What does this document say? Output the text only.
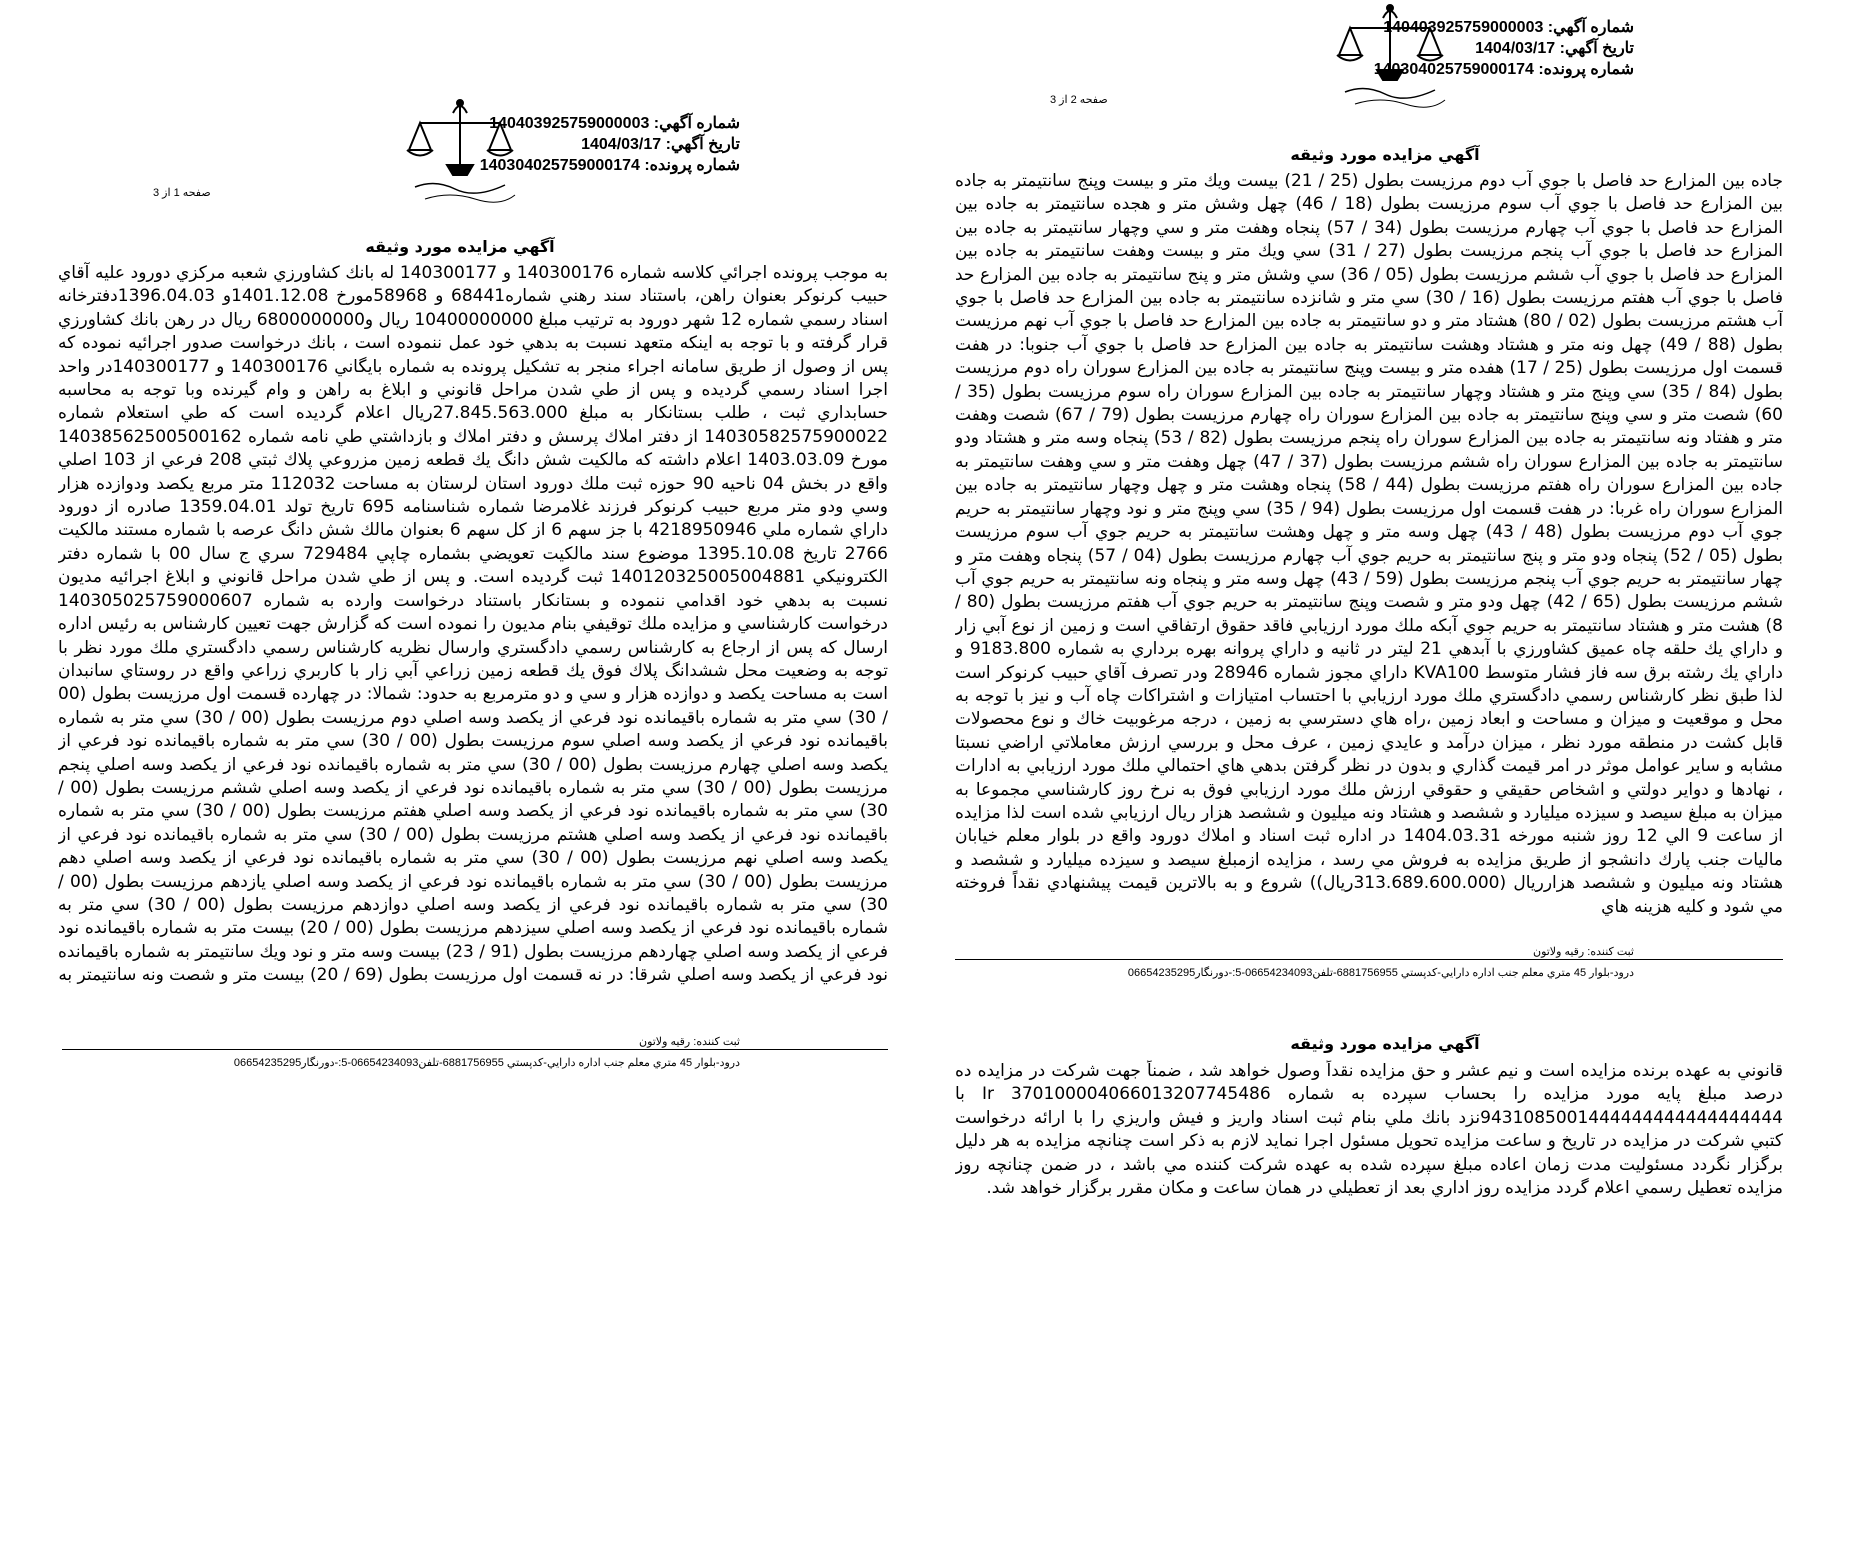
شماره آگهي: 140403925759000003
تاريخ آگهي: 1404/03/17
شماره پرونده: 140304025759000174
صفحه 1 از 3
آگهي مزايده مورد وثيقه

به موجب پرونده اجرائي كلاسه شماره 140300176 و 140300177 له بانك كشاورزي شعبه مركزي دورود عليه آقاي حبيب كرنوكر بعنوان راهن، باستناد سند رهني شماره68441 و 58968مورخ 1401.12.08و 1396.04.03دفترخانه اسناد رسمي شماره 12 شهر دورود به ترتيب مبلغ 10400000000 ريال و6800000000 ريال در رهن بانك كشاورزي قرار گرفته و با توجه به اينكه متعهد نسبت به بدهي خود عمل ننموده است ، بانك درخواست صدور اجرائيه نموده كه پس از وصول از طريق سامانه اجراء منجر به تشكيل پرونده به شماره بايگاني 140300176 و 140300177در واحد اجرا اسناد رسمي گرديده و پس از طي شدن مراحل قانوني و ابلاغ به راهن و وام گيرنده وبا توجه به محاسبه حسابداري ثبت ، طلب بستانكار به مبلغ 27.845.563.000ريال اعلام گرديده است كه طي استعلام شماره 14030582575900022 از دفتر املاك پرسش و دفتر املاك و بازداشتي طي نامه شماره 14038562500500162 مورخ 1403.03.09 اعلام داشته كه مالكيت شش دانگ يك قطعه زمين مزروعي پلاك ثبتي 208 فرعي از 103 اصلي واقع در بخش 04 ناحيه 90 حوزه ثبت ملك دورود استان لرستان به مساحت 112032 متر مربع يكصد ودوازده هزار وسي ودو متر مربع حبيب كرنوكر فرزند غلامرضا شماره شناسنامه 695 تاريخ تولد 1359.04.01 صادره از دورود داراي شماره ملي 4218950946 با جز سهم 6 از كل سهم 6 بعنوان مالك شش دانگ عرصه با شماره مستند مالكيت 2766 تاريخ 1395.10.08 موضوع سند مالكيت تعويضي بشماره چاپي 729484 سري ج سال 00 با شماره دفتر الكترونيكي 140120325005004881 ثبت گرديده است. و پس از طي شدن مراحل قانوني و ابلاغ اجرائيه مديون نسبت به بدهي خود اقدامي ننموده و بستانكار باستناد درخواست وارده به شماره 140305025759000607 درخواست كارشناسي و مزايده ملك توقيفي بنام مديون را نموده است كه گزارش جهت تعيين كارشناس به رئيس اداره ارسال كه پس از ارجاع به كارشناس رسمي دادگستري وارسال نظريه كارشناس رسمي دادگستري ملك مورد نظر با توجه به وضعيت محل ششدانگ پلاك فوق يك قطعه زمين زراعي آبي زار با كاربري زراعي واقع در روستاي سانبدان است به مساحت يكصد و دوازده هزار و سي و دو مترمربع به حدود: شمالا: در چهارده قسمت اول مرزيست بطول (00 / 30) سي متر به شماره باقيمانده نود فرعي از يكصد وسه اصلي دوم مرزيست بطول (00 / 30) سي متر به شماره باقيمانده نود فرعي از يكصد وسه اصلي سوم مرزيست بطول (00 / 30) سي متر به شماره باقيمانده نود فرعي از يكصد وسه اصلي چهارم مرزيست بطول (00 / 30) سي متر به شماره باقيمانده نود فرعي از يكصد وسه اصلي پنجم مرزيست بطول (00 / 30) سي متر به شماره باقيمانده نود فرعي از يكصد وسه اصلي ششم مرزيست بطول (00 / 30) سي متر به شماره باقيمانده نود فرعي از يكصد وسه اصلي هفتم مرزيست بطول (00 / 30) سي متر به شماره باقيمانده نود فرعي از يكصد وسه اصلي هشتم مرزيست بطول (00 / 30) سي متر به شماره باقيمانده نود فرعي از يكصد وسه اصلي نهم مرزيست بطول (00 / 30) سي متر به شماره باقيمانده نود فرعي از يكصد وسه اصلي دهم مرزيست بطول (00 / 30) سي متر به شماره باقيمانده نود فرعي از يكصد وسه اصلي يازدهم مرزيست بطول (00 / 30) سي متر به شماره باقيمانده نود فرعي از يكصد وسه اصلي دوازدهم مرزيست بطول (00 / 30) سي متر به شماره باقيمانده نود فرعي از يكصد وسه اصلي سيزدهم مرزيست بطول (00 / 20) بيست متر به شماره باقيمانده نود فرعي از يكصد وسه اصلي چهاردهم مرزيست بطول (91 / 23) بيست وسه متر و نود ويك سانتيمتر به شماره باقيمانده نود فرعي از يكصد وسه اصلي شرقا: در نه قسمت اول مرزيست بطول (69 / 20) بيست متر و شصت ونه سانتيمتر به

ثبت كننده: رقيه ولاتون
درود-بلوار 45 متري معلم جنب اداره دارايي-كدپستي 6881756955-تلفن06654234093-5:-دورنگار06654235295
شماره آگهي: 140403925759000003
تاريخ آگهي: 1404/03/17
شماره پرونده: 140304025759000174
صفحه 2 از 3
آگهي مزايده مورد وثيقه

جاده بين المزارع حد فاصل با جوي آب دوم مرزيست بطول (25 / 21) بيست ويك متر و بيست وپنج سانتيمتر به جاده بين المزارع حد فاصل با جوي آب سوم مرزيست بطول (18 / 46) چهل وشش متر و هجده سانتيمتر به جاده بين المزارع حد فاصل با جوي آب چهارم مرزيست بطول (34 / 57) پنجاه وهفت متر و سي وچهار سانتيمتر به جاده بين المزارع حد فاصل با جوي آب پنجم مرزيست بطول (27 / 31) سي ويك متر و بيست وهفت سانتيمتر به جاده بين المزارع حد فاصل با جوي آب ششم مرزيست بطول (05 / 36) سي وشش متر و پنج سانتيمتر به جاده بين المزارع حد فاصل با جوي آب هفتم مرزيست بطول (16 / 30) سي متر و شانزده سانتيمتر به جاده بين المزارع حد فاصل با جوي آب هشتم مرزيست بطول (02 / 80) هشتاد متر و دو سانتيمتر به جاده بين المزارع حد فاصل با جوي آب نهم مرزيست بطول (88 / 49) چهل ونه متر و هشتاد وهشت سانتيمتر به جاده بين المزارع حد فاصل با جوي آب جنوبا: در هفت قسمت اول مرزيست بطول (25 / 17) هفده متر و بيست وپنج سانتيمتر به جاده بين المزارع سوران راه دوم مرزيست بطول (84 / 35) سي وپنج متر و هشتاد وچهار سانتيمتر به جاده بين المزارع سوران راه سوم مرزيست بطول (35 / 60) شصت متر و سي وپنج سانتيمتر به جاده بين المزارع سوران راه چهارم مرزيست بطول (79 / 67) شصت وهفت متر و هفتاد ونه سانتيمتر به جاده بين المزارع سوران راه پنجم مرزيست بطول (82 / 53) پنجاه وسه متر و هشتاد ودو سانتيمتر به جاده بين المزارع سوران راه ششم مرزيست بطول (37 / 47) چهل وهفت متر و سي وهفت سانتيمتر به جاده بين المزارع سوران راه هفتم مرزيست بطول (44 / 58) پنجاه وهشت متر و چهل وچهار سانتيمتر به جاده بين المزارع سوران راه غربا: در هفت قسمت اول مرزيست بطول (94 / 35) سي وپنج متر و نود وچهار سانتيمتر به حريم جوي آب دوم مرزيست بطول (48 / 43) چهل وسه متر و چهل وهشت سانتيمتر به حريم جوي آب سوم مرزيست بطول (05 / 52) پنجاه ودو متر و پنج سانتيمتر به حريم جوي آب چهارم مرزيست بطول (04 / 57) پنجاه وهفت متر و چهار سانتيمتر به حريم جوي آب پنجم مرزيست بطول (59 / 43) چهل وسه متر و پنجاه ونه سانتيمتر به حريم جوي آب ششم مرزيست بطول (65 / 42) چهل ودو متر و شصت وپنج سانتيمتر به حريم جوي آب هفتم مرزيست بطول (80 / 8) هشت متر و هشتاد سانتيمتر به حريم جوي آبكه ملك مورد ارزيابي فاقد حقوق ارتفاقي است و زمين از نوع آبي زار و داراي يك حلقه چاه عميق كشاورزي با آبدهي 21 ليتر در ثانيه و داراي پروانه بهره برداري به شماره 9183.800 و داراي يك رشته برق سه فاز فشار متوسط KVA100 داراي مجوز شماره 28946 ودر تصرف آقاي حبيب كرنوكر است لذا طبق نظر كارشناس رسمي دادگستري ملك مورد ارزيابي با احتساب امتيازات و اشتراكات چاه آب و نيز با توجه به محل و موقعيت و ميزان و مساحت و ابعاد زمين ،راه هاي دسترسي به زمين ، درجه مرغوبيت خاك و نوع محصولات قابل كشت در منطقه مورد نظر ، ميزان درآمد و عايدي زمين ، عرف محل و بررسي ارزش معاملاتي اراضي نسبتا مشابه و ساير عوامل موثر در امر قيمت گذاري و بدون در نظر گرفتن بدهي هاي احتمالي ملك مورد ارزيابي به ادارات ، نهادها و دواير دولتي و اشخاص حقيقي و حقوقي ارزش ملك مورد ارزيابي فوق به نرخ روز كارشناسي مجموعا به ميزان به مبلغ سيصد و سيزده ميليارد و ششصد و هشتاد ونه ميليون و ششصد هزار ريال ارزيابي شده است لذا مزايده از ساعت 9 الي 12 روز شنبه مورخه 1404.03.31 در اداره ثبت اسناد و املاك دورود واقع در بلوار معلم خيابان ماليات جنب پارك دانشجو از طريق مزايده به فروش مي رسد ، مزايده ازمبلغ سيصد و سيزده ميليارد و ششصد و هشتاد ونه ميليون و ششصد هزارريال (313.689.600.000ريال)) شروع و به بالاترين قيمت پيشنهادي نقداً فروخته مي شود و كليه هزينه هاي

ثبت كننده: رقيه ولاتون
درود-بلوار 45 متري معلم جنب اداره دارايي-كدپستي 6881756955-تلفن06654234093-5:-دورنگار06654235295
آگهي مزايده مورد وثيقه

قانوني به عهده برنده مزايده است و نيم عشر و حق مزايده نقداً وصول خواهد شد ، ضمناً جهت شركت در مزايده ده درصد مبلغ پايه مورد مزايده را بحساب سپرده به شماره Ir 370100004066013207745486 با 9431085001444444444444444444نزد بانك ملي بنام ثبت اسناد واريز و فيش واريزي را با ارائه درخواست كتبي شركت در مزايده در تاريخ و ساعت مزايده تحويل مسئول اجرا نمايد لازم به ذكر است چنانچه مزايده به هر دليل برگزار نگردد مسئوليت مدت زمان اعاده مبلغ سپرده شده به عهده شركت كننده مي باشد ، در ضمن چنانچه روز مزايده تعطيل رسمي اعلام گردد مزايده روز اداري بعد از تعطيلي در همان ساعت و مكان مقرر برگزار خواهد شد.
